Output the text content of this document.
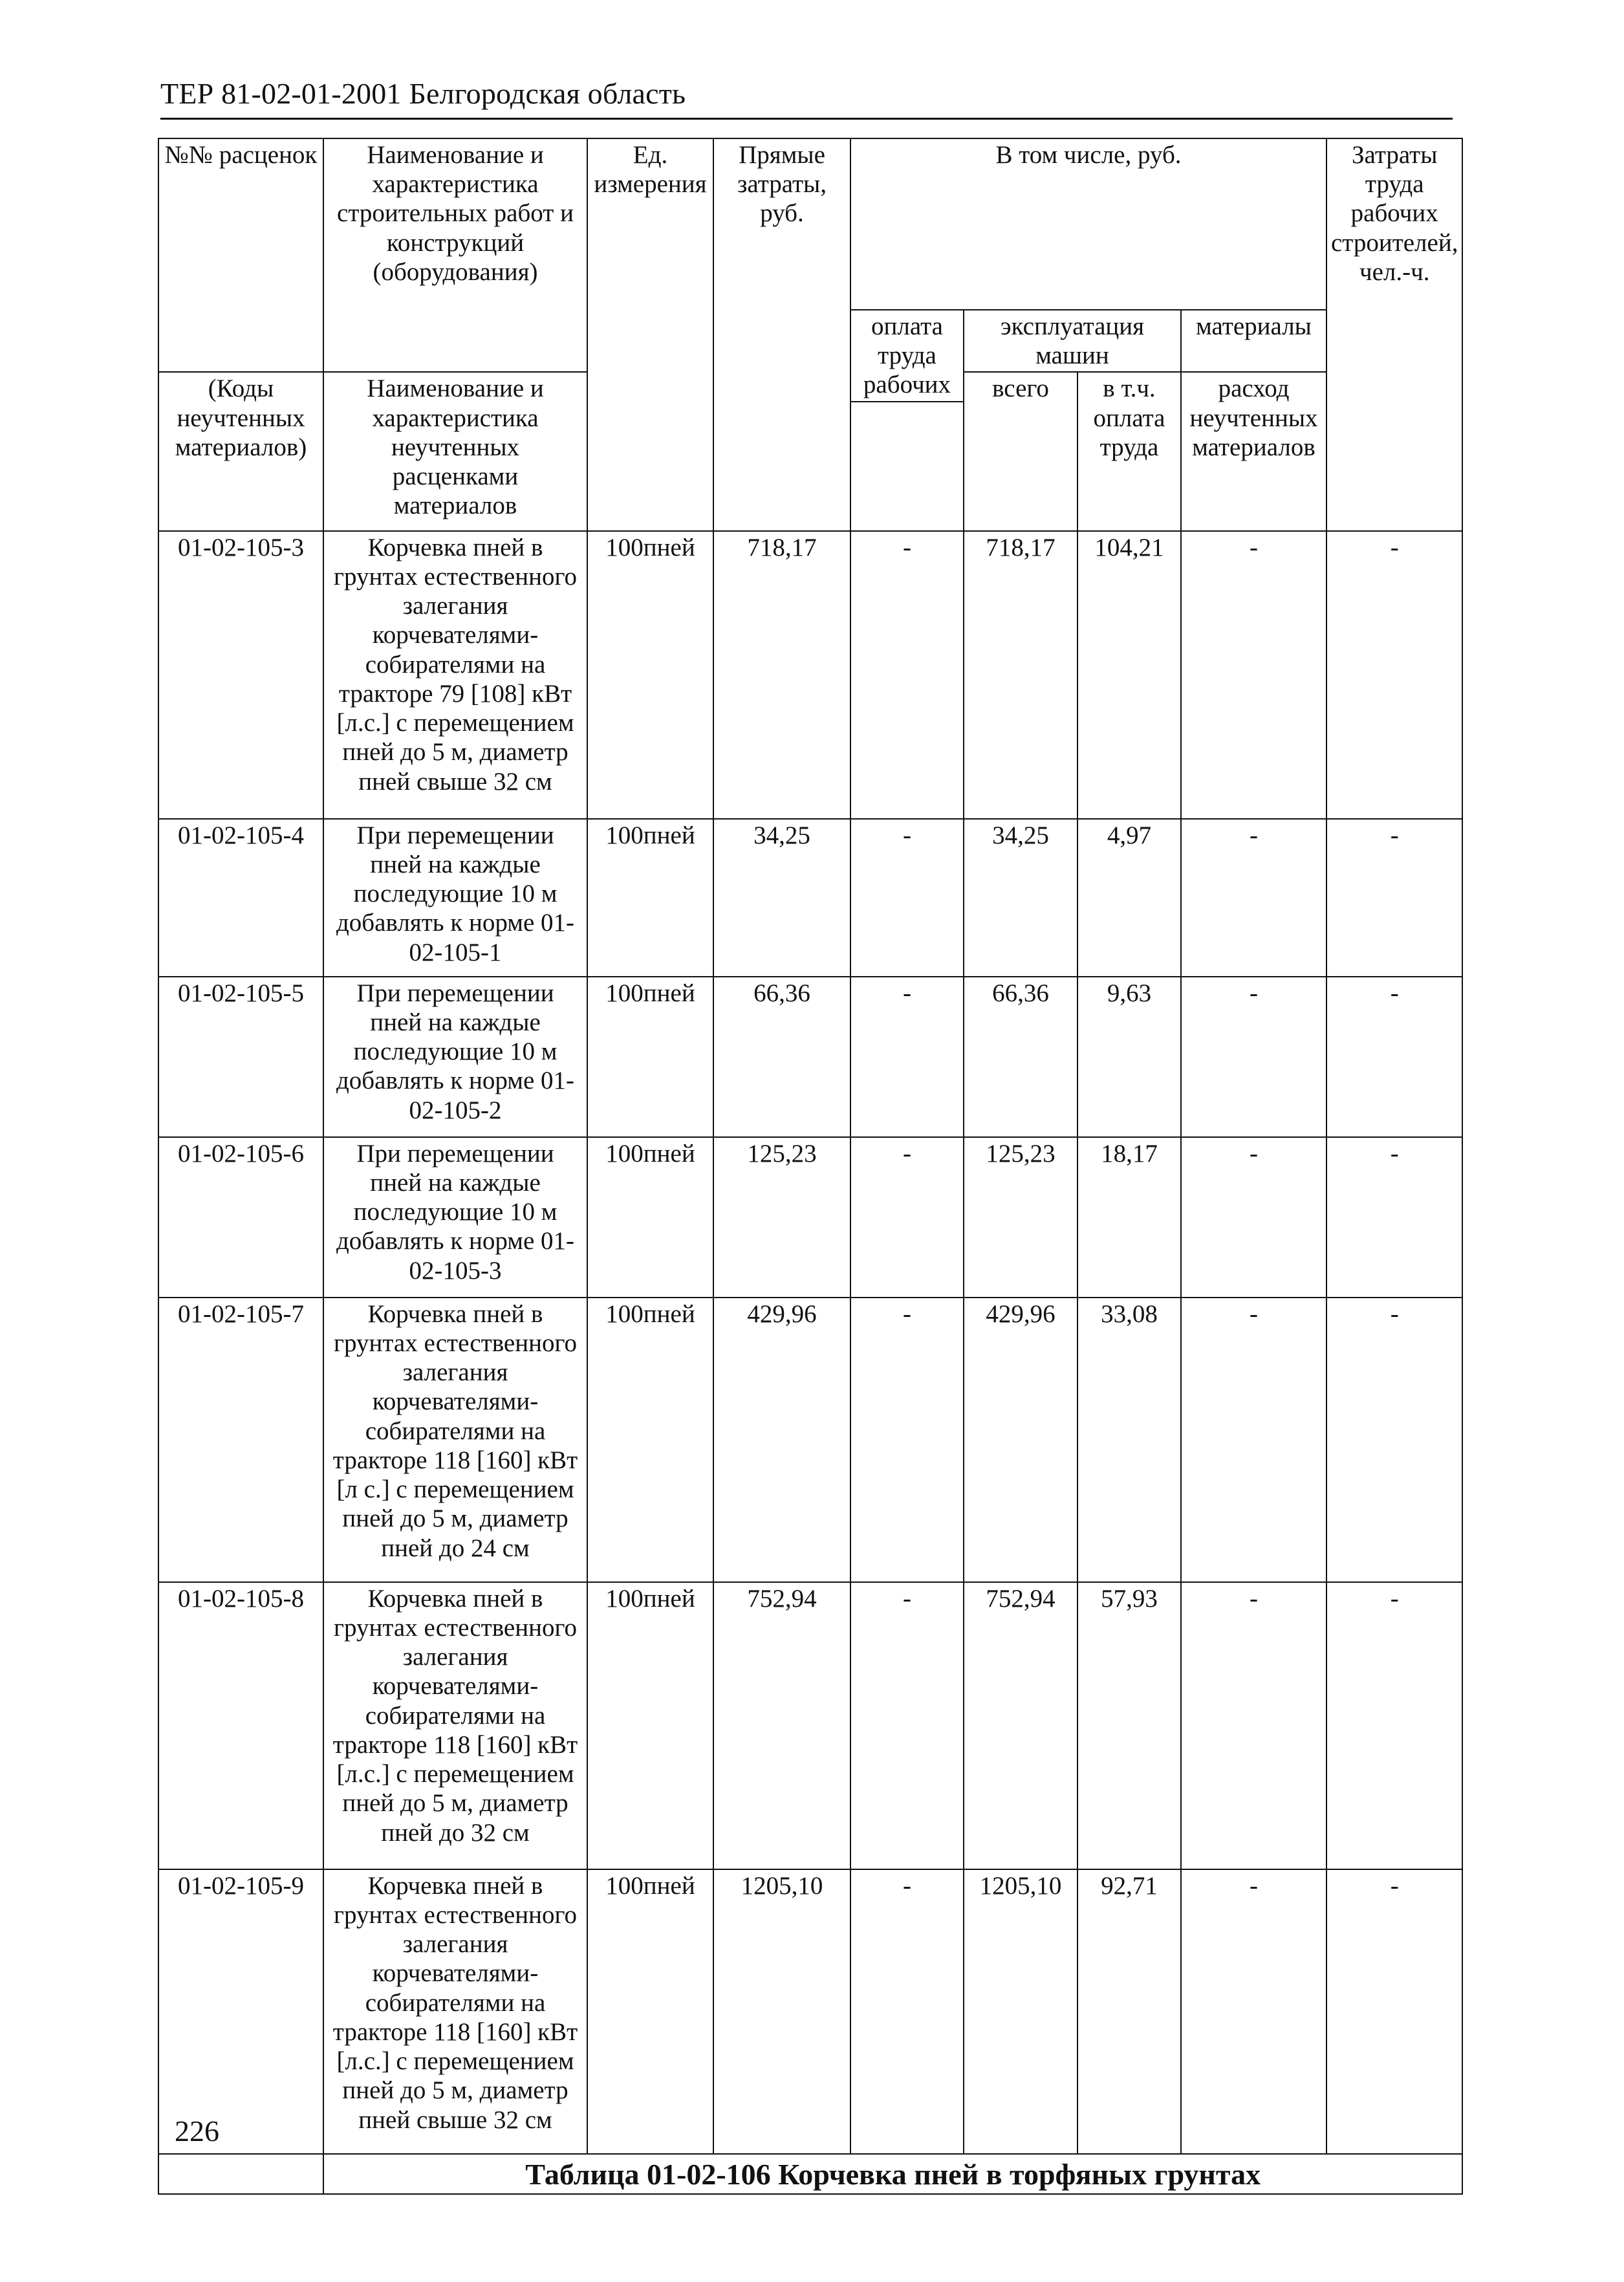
ТЕР 81-02-01-2001 Белгородская область
№№ расценок	Наименование и характеристика строительных работ и конструкций (оборудования)	Ед. измерения	Прямые затраты, руб.	В том числе, руб.				Затраты труда рабочих строителей, чел.-ч.
				оплата труда рабочих	эксплуатация машин		материалы	
(Коды неучтенных материалов)	Наименование и характеристика неучтенных расценками материалов				всего	в т.ч. оплата труда	расход неучтенных материалов	

01-02-105-3	Корчевка пней в грунтах естественного залегания корчевателями-собирателями на тракторе 79 [108] кВт [л.с.] с перемещением пней до 5 м, диаметр пней свыше 32 см	100пней	718,17	-	718,17	104,21	-	-
01-02-105-4	При перемещении пней на каждые последующие 10 м добавлять к норме 01-02-105-1	100пней	34,25	-	34,25	4,97	-	-
01-02-105-5	При перемещении пней на каждые последующие 10 м добавлять к норме 01-02-105-2	100пней	66,36	-	66,36	9,63	-	-
01-02-105-6	При перемещении пней на каждые последующие 10 м добавлять к норме 01-02-105-3	100пней	125,23	-	125,23	18,17	-	-
01-02-105-7	Корчевка пней в грунтах естественного залегания корчевателями-собирателями на тракторе 118 [160] кВт [л с.] с перемещением пней до 5 м, диаметр пней до 24 см	100пней	429,96	-	429,96	33,08	-	-
01-02-105-8	Корчевка пней в грунтах естественного залегания корчевателями-собирателями на тракторе 118 [160] кВт [л.с.] с перемещением пней до 5 м, диаметр пней до 32 см	100пней	752,94	-	752,94	57,93	-	-
01-02-105-9	Корчевка пней в грунтах естественного залегания корчевателями-собирателями на тракторе 118 [160] кВт [л.с.] с перемещением пней до 5 м, диаметр пней свыше 32 см	100пней	1205,10	-	1205,10	92,71	-	-
	Таблица 01-02-106 Корчевка пней в торфяных грунтах							
226
